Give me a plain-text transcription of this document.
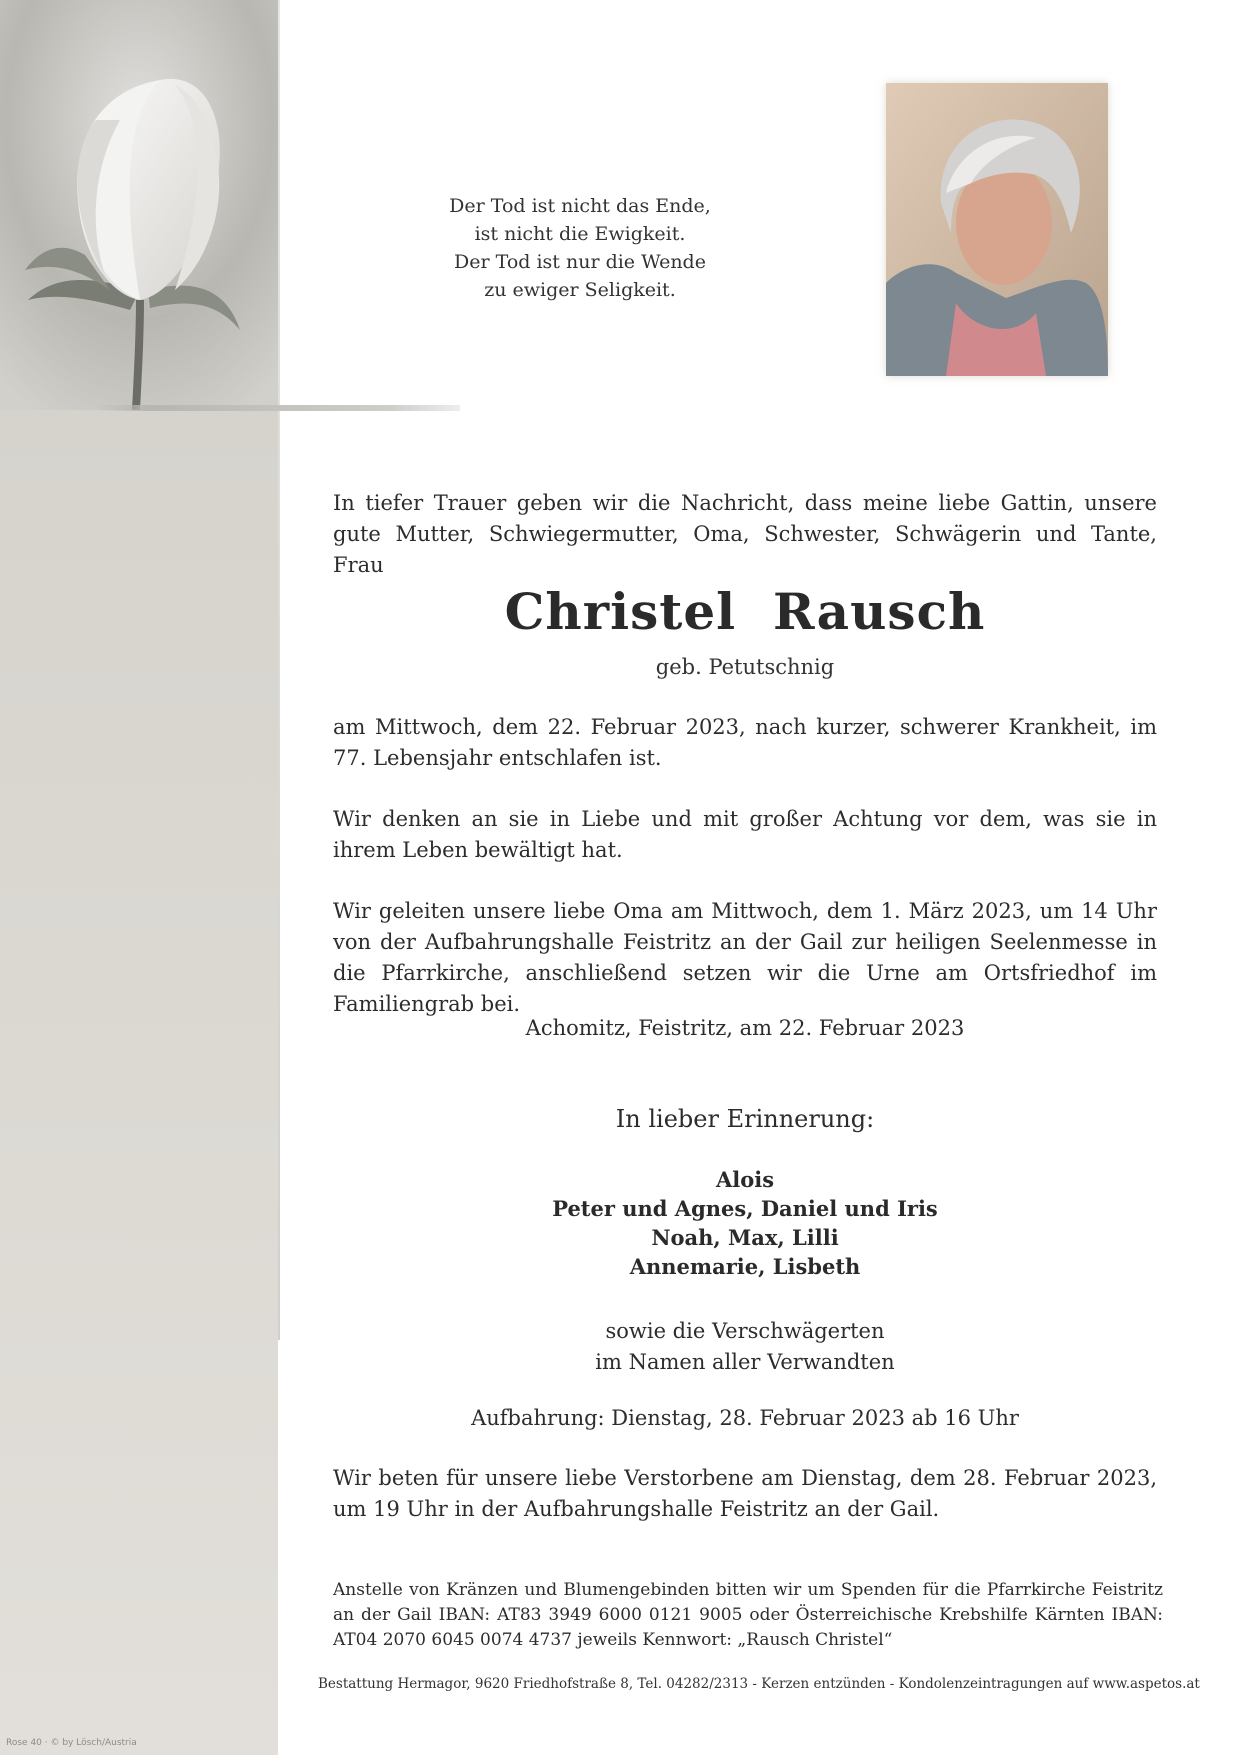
Der Tod ist nicht das Ende,
ist nicht die Ewigkeit.
Der Tod ist nur die Wende
zu ewiger Seligkeit.
In tiefer Trauer geben wir die Nachricht, dass meine liebe Gattin, unsere gute Mutter, Schwiegermutter, Oma, Schwester, Schwägerin und Tante, Frau
Christel  Rausch
geb. Petutschnig
am Mittwoch, dem 22. Februar 2023, nach kurzer, schwerer Krankheit, im 77. Lebensjahr entschlafen ist.
Wir denken an sie in Liebe und mit großer Achtung vor dem, was sie in ihrem Leben bewältigt hat.
Wir geleiten unsere liebe Oma am Mittwoch, dem 1. März 2023, um 14 Uhr von der Aufbahrungshalle Feistritz an der Gail zur heiligen Seelenmesse in die Pfarrkirche, anschließend setzen wir die Urne am Ortsfriedhof im Familiengrab bei.
Achomitz, Feistritz, am 22. Februar 2023
In lieber Erinnerung:
Alois
Peter und Agnes, Daniel und Iris
Noah, Max, Lilli
Annemarie, Lisbeth
sowie die Verschwägerten
im Namen aller Verwandten
Aufbahrung: Dienstag, 28. Februar 2023 ab 16 Uhr
Wir beten für unsere liebe Verstorbene am Dienstag, dem 28. Februar 2023, um 19 Uhr in der Aufbahrungshalle Feistritz an der Gail.
Anstelle von Kränzen und Blumengebinden bitten wir um Spenden für die Pfarrkirche Feistritz an der Gail IBAN: AT83 3949 6000 0121 9005 oder Österreichische Krebshilfe Kärnten IBAN: AT04 2070 6045 0074 4737 jeweils Kennwort: „Rausch Christel“
Bestattung Hermagor, 9620 Friedhofstraße 8, Tel. 04282/2313 - Kerzen entzünden - Kondolenzeintragungen auf www.aspetos.at
Rose 40 · © by Lösch/Austria
